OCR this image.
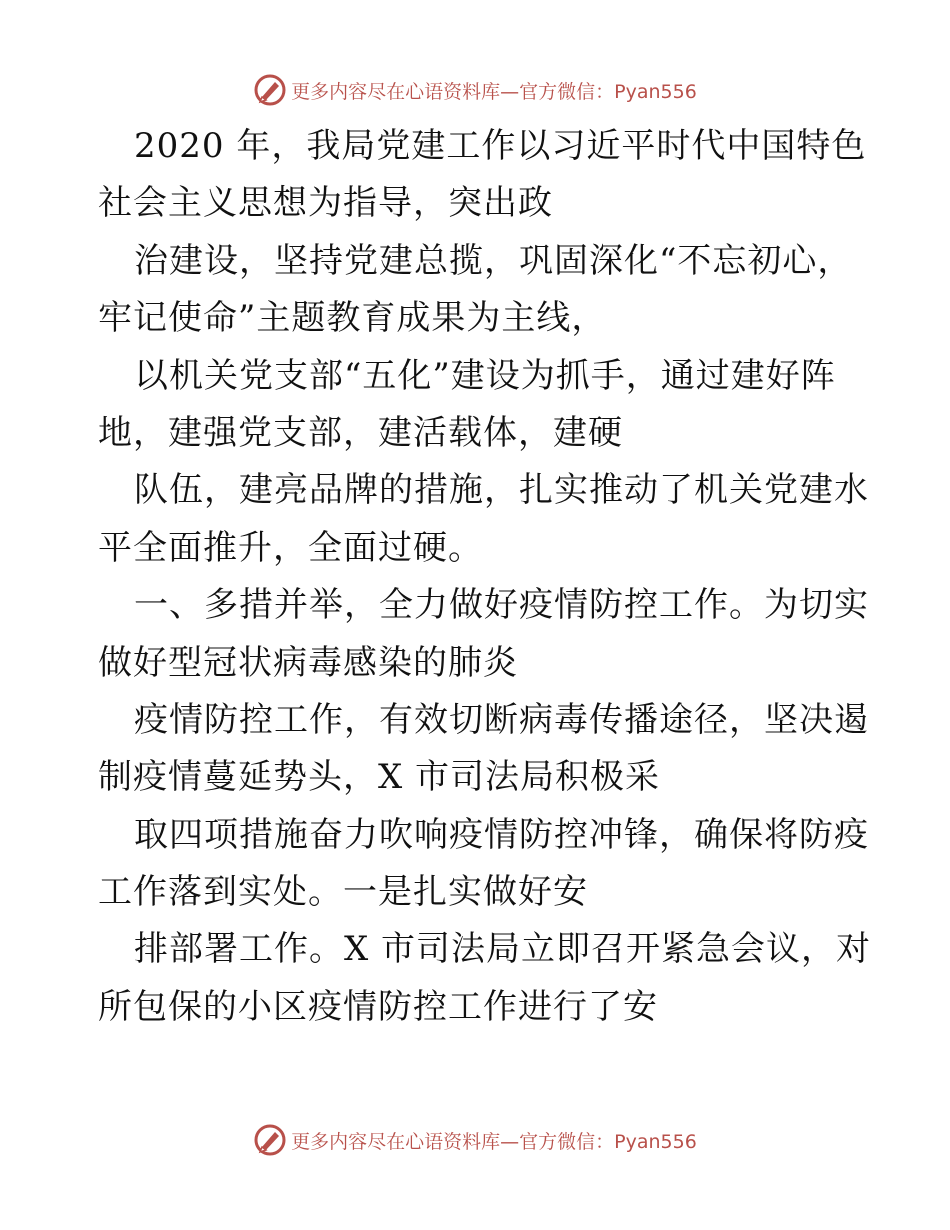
更多内容尽在心语资料库—官方微信：Pyan556
2020 年，我局党建工作以习近平时代中国特色
社会主义思想为指导，突出政
治建设，坚持党建总揽，巩固深化“不忘初心，
牢记使命”主题教育成果为主线，
以机关党支部“五化”建设为抓手，通过建好阵
地，建强党支部，建活载体，建硬
队伍，建亮品牌的措施，扎实推动了机关党建水
平全面推升，全面过硬。
一、多措并举，全力做好疫情防控工作。为切实
做好型冠状病毒感染的肺炎
疫情防控工作，有效切断病毒传播途径，坚决遏
制疫情蔓延势头，X 市司法局积极采
取四项措施奋力吹响疫情防控冲锋，确保将防疫
工作落到实处。一是扎实做好安
排部署工作。X 市司法局立即召开紧急会议，对
所包保的小区疫情防控工作进行了安
更多内容尽在心语资料库—官方微信：Pyan556
